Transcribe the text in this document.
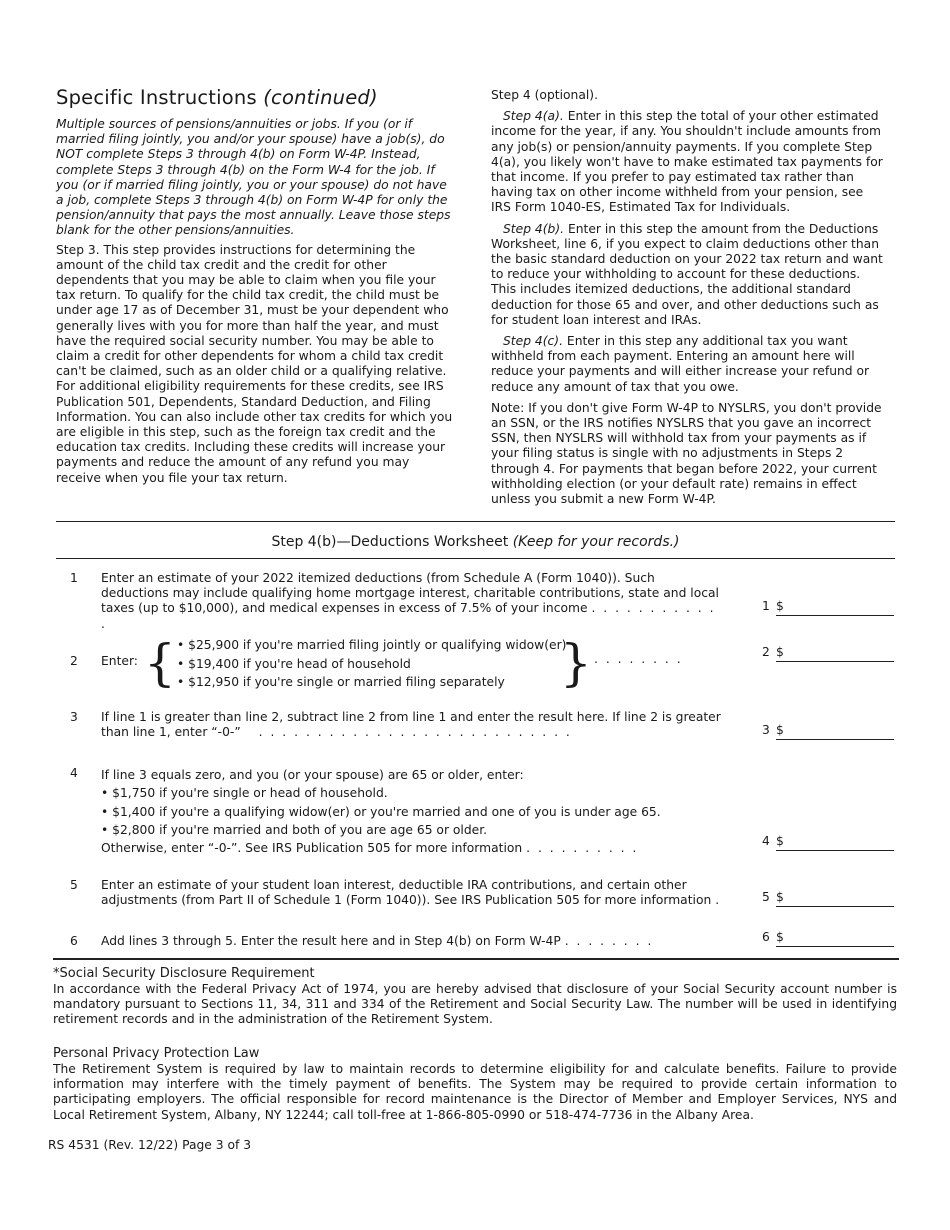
Specific Instructions (continued)

Multiple sources of pensions/annuities or jobs. If you (or if married filing jointly, you and/or your spouse) have a job(s), do NOT complete Steps 3 through 4(b) on Form W-4P. Instead, complete Steps 3 through 4(b) on the Form W-4 for the job. If you (or if married filing jointly, you or your spouse) do not have a job, complete Steps 3 through 4(b) on Form W-4P for only the pension/annuity that pays the most annually. Leave those steps blank for the other pensions/annuities.

Step 3. This step provides instructions for determining the amount of the child tax credit and the credit for other dependents that you may be able to claim when you file your tax return. To qualify for the child tax credit, the child must be under age 17 as of December 31, must be your dependent who generally lives with you for more than half the year, and must have the required social security number. You may be able to claim a credit for other dependents for whom a child tax credit can't be claimed, such as an older child or a qualifying relative. For additional eligibility requirements for these credits, see IRS Publication 501, Dependents, Standard Deduction, and Filing Information. You can also include other tax credits for which you are eligible in this step, such as the foreign tax credit and the education tax credits. Including these credits will increase your payments and reduce the amount of any refund you may receive when you file your tax return.

Step 4 (optional).

Step 4(a). Enter in this step the total of your other estimated income for the year, if any. You shouldn't include amounts from any job(s) or pension/annuity payments. If you complete Step 4(a), you likely won't have to make estimated tax payments for that income. If you prefer to pay estimated tax rather than having tax on other income withheld from your pension, see IRS Form 1040-ES, Estimated Tax for Individuals.

Step 4(b). Enter in this step the amount from the Deductions Worksheet, line 6, if you expect to claim deductions other than the basic standard deduction on your 2022 tax return and want to reduce your withholding to account for these deductions. This includes itemized deductions, the additional standard deduction for those 65 and over, and other deductions such as for student loan interest and IRAs.

Step 4(c). Enter in this step any additional tax you want withheld from each payment. Entering an amount here will reduce your payments and will either increase your refund or reduce any amount of tax that you owe.

Note: If you don't give Form W-4P to NYSLRS, you don't provide an SSN, or the IRS notifies NYSLRS that you gave an incorrect SSN, then NYSLRS will withhold tax from your payments as if your filing status is single with no adjustments in Steps 2 through 4. For payments that began before 2022, your current withholding election (or your default rate) remains in effect unless you submit a new Form W-4P.

Step 4(b)—Deductions Worksheet (Keep for your records.)
1 Enter an estimate of your 2022 itemized deductions (from Schedule A (Form 1040)). Such deductions may include qualifying home mortgage interest, charitable contributions, state and local taxes (up to $10,000), and medical expenses in excess of 7.5% of your income . . . . . . . . . . . .
1 $
2 Enter: { • $25,900 if you're married filing jointly or qualifying widow(er)
• $19,400 if you're head of household
• $12,950 if you're single or married filing separately	} . . . . . . . .	2 $
3 If line 1 is greater than line 2, subtract line 2 from line 1 and enter the result here. If line 2 is greater than line 1, enter “-0-” . . . . . . . . . . . . . . . . . . . . . . . . . . .	3 $
4 If line 3 equals zero, and you (or your spouse) are 65 or older, enter:
• $1,750 if you're single or head of household.
• $1,400 if you're a qualifying widow(er) or you're married and one of you is under age 65.
• $2,800 if you're married and both of you are age 65 or older.
Otherwise, enter “-0-”. See IRS Publication 505 for more information . . . . . . . . . .
4 $
5 Enter an estimate of your student loan interest, deductible IRA contributions, and certain other adjustments (from Part II of Schedule 1 (Form 1040)). See IRS Publication 505 for more information .	5 $
6 Add lines 3 through 5. Enter the result here and in Step 4(b) on Form W-4P . . . . . . . .	6 $
*Social Security Disclosure Requirement

In accordance with the Federal Privacy Act of 1974, you are hereby advised that disclosure of your Social Security account number is mandatory pursuant to Sections 11, 34, 311 and 334 of the Retirement and Social Security Law. The number will be used in identifying retirement records and in the administration of the Retirement System.

Personal Privacy Protection Law

The Retirement System is required by law to maintain records to determine eligibility for and calculate benefits. Failure to provide information may interfere with the timely payment of benefits. The System may be required to provide certain information to participating employers. The official responsible for record maintenance is the Director of Member and Employer Services, NYS and Local Retirement System, Albany, NY 12244; call toll-free at 1-866-805-0990 or 518-474-7736 in the Albany Area.

RS 4531 (Rev. 12/22) Page 3 of 3
